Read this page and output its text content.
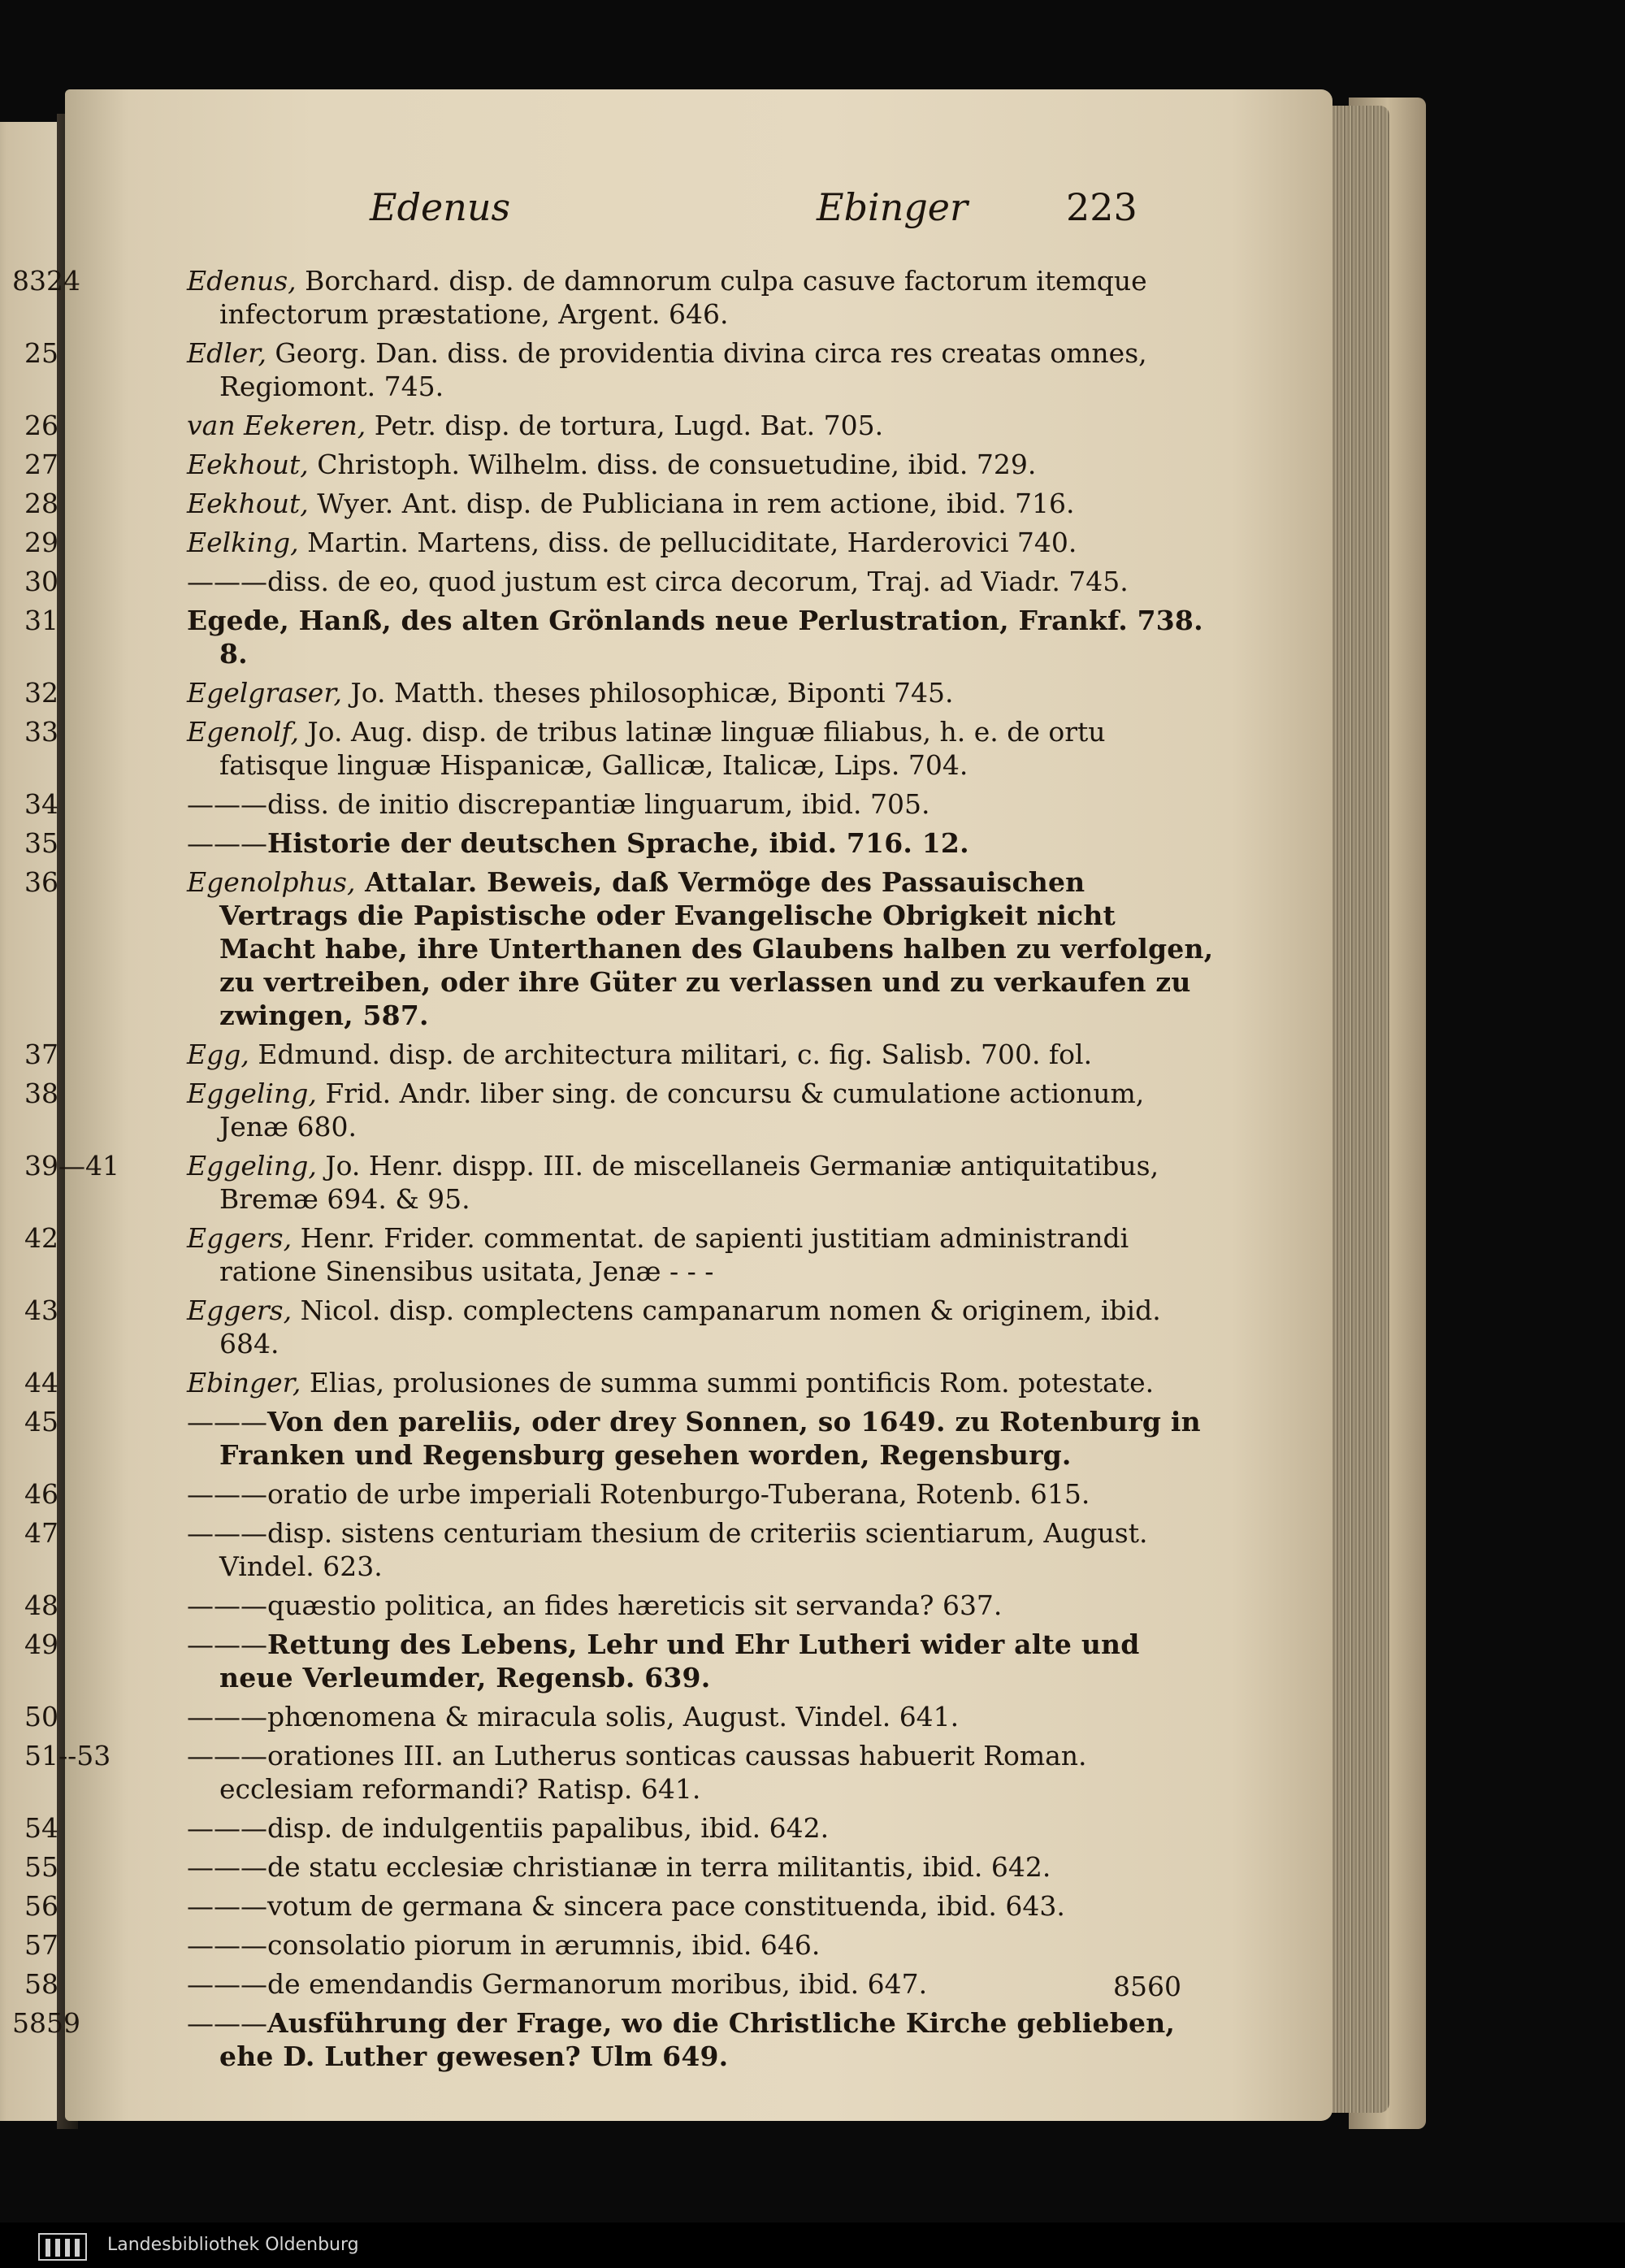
Edenus	Ebinger	223
8324	Edenus, Borchard. disp. de damnorum culpa casuve factorum itemque infectorum præstatione, Argent. 646.
25	Edler, Georg. Dan. diss. de providentia divina circa res creatas omnes, Regiomont. 745.
26	van Eekeren, Petr. disp. de tortura, Lugd. Bat. 705.
27	Eekhout, Christoph. Wilhelm. diss. de consuetudine, ibid. 729.
28	Eekhout, Wyer. Ant. disp. de Publiciana in rem actione, ibid. 716.
29	Eelking, Martin. Martens, diss. de pelluciditate, Harderovici 740.
30	———diss. de eo, quod justum est circa decorum, Traj. ad Viadr. 745.
31	Egede, Hanß, des alten Grönlands neue Perlustration, Frankf. 738. 8.
32	Egelgraser, Jo. Matth. theses philosophicæ, Biponti 745.
33	Egenolf, Jo. Aug. disp. de tribus latinæ linguæ filiabus, h. e. de ortu fatisque linguæ Hispanicæ, Gallicæ, Italicæ, Lips. 704.
34	———diss. de initio discrepantiæ linguarum, ibid. 705.
35	———Historie der deutschen Sprache, ibid. 716. 12.
36	Egenolphus, Attalar. Beweis, daß Vermöge des Passauischen Vertrags die Papistische oder Evangelische Obrigkeit nicht Macht habe, ihre Unterthanen des Glaubens halben zu verfolgen, zu vertreiben, oder ihre Güter zu verlassen und zu verkaufen zu zwingen, 587.
37	Egg, Edmund. disp. de architectura militari, c. fig. Salisb. 700. fol.
38	Eggeling, Frid. Andr. liber sing. de concursu & cumulatione actionum, Jenæ 680.
39—41	Eggeling, Jo. Henr. dispp. III. de miscellaneis Germaniæ antiquitatibus, Bremæ 694. & 95.
42	Eggers, Henr. Frider. commentat. de sapienti justitiam administrandi ratione Sinensibus usitata, Jenæ - - -
43	Eggers, Nicol. disp. complectens campanarum nomen & originem, ibid. 684.
44	Ebinger, Elias, prolusiones de summa summi pontificis Rom. potestate.
45	———Von den pareliis, oder drey Sonnen, so 1649. zu Rotenburg in Franken und Regensburg gesehen worden, Regensburg.
46	———oratio de urbe imperiali Rotenburgo-Tuberana, Rotenb. 615.
47	———disp. sistens centuriam thesium de criteriis scientiarum, August. Vindel. 623.
48	———quæstio politica, an fides hæreticis sit servanda? 637.
49	———Rettung des Lebens, Lehr und Ehr Lutheri wider alte und neue Verleumder, Regensb. 639.
50	———phœnomena & miracula solis, August. Vindel. 641.
51--53	———orationes III. an Lutherus sonticas caussas habuerit Roman. ecclesiam reformandi? Ratisp. 641.
54	———disp. de indulgentiis papalibus, ibid. 642.
55	———de statu ecclesiæ christianæ in terra militantis, ibid. 642.
56	———votum de germana & sincera pace constituenda, ibid. 643.
57	———consolatio piorum in ærumnis, ibid. 646.
58	———de emendandis Germanorum moribus, ibid. 647.
5859	———Ausführung der Frage, wo die Christliche Kirche geblieben, ehe D. Luther gewesen? Ulm 649.
8560
Landesbibliothek Oldenburg
